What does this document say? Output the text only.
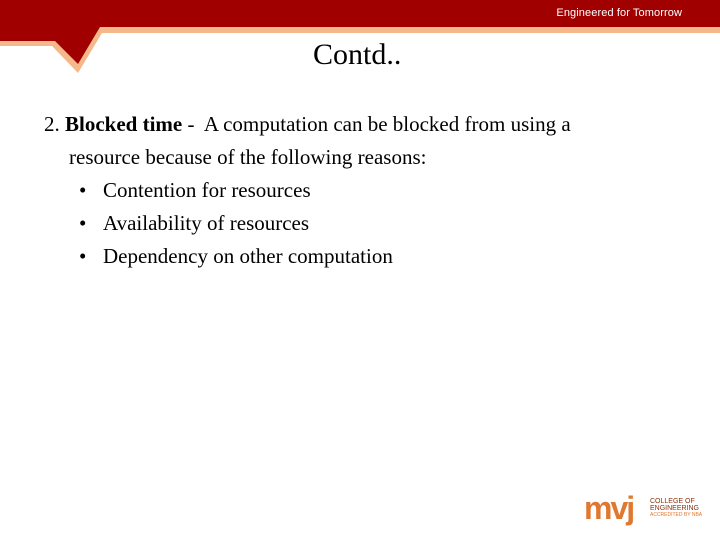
Engineered for Tomorrow
Contd..
2. Blocked time - A computation can be blocked from using a
resource because of the following reasons:
• Contention for resources
• Availability of resources
• Dependency on other computation
mvj COLLEGE OF
ENGINEERING
ACCREDITED BY NBA
